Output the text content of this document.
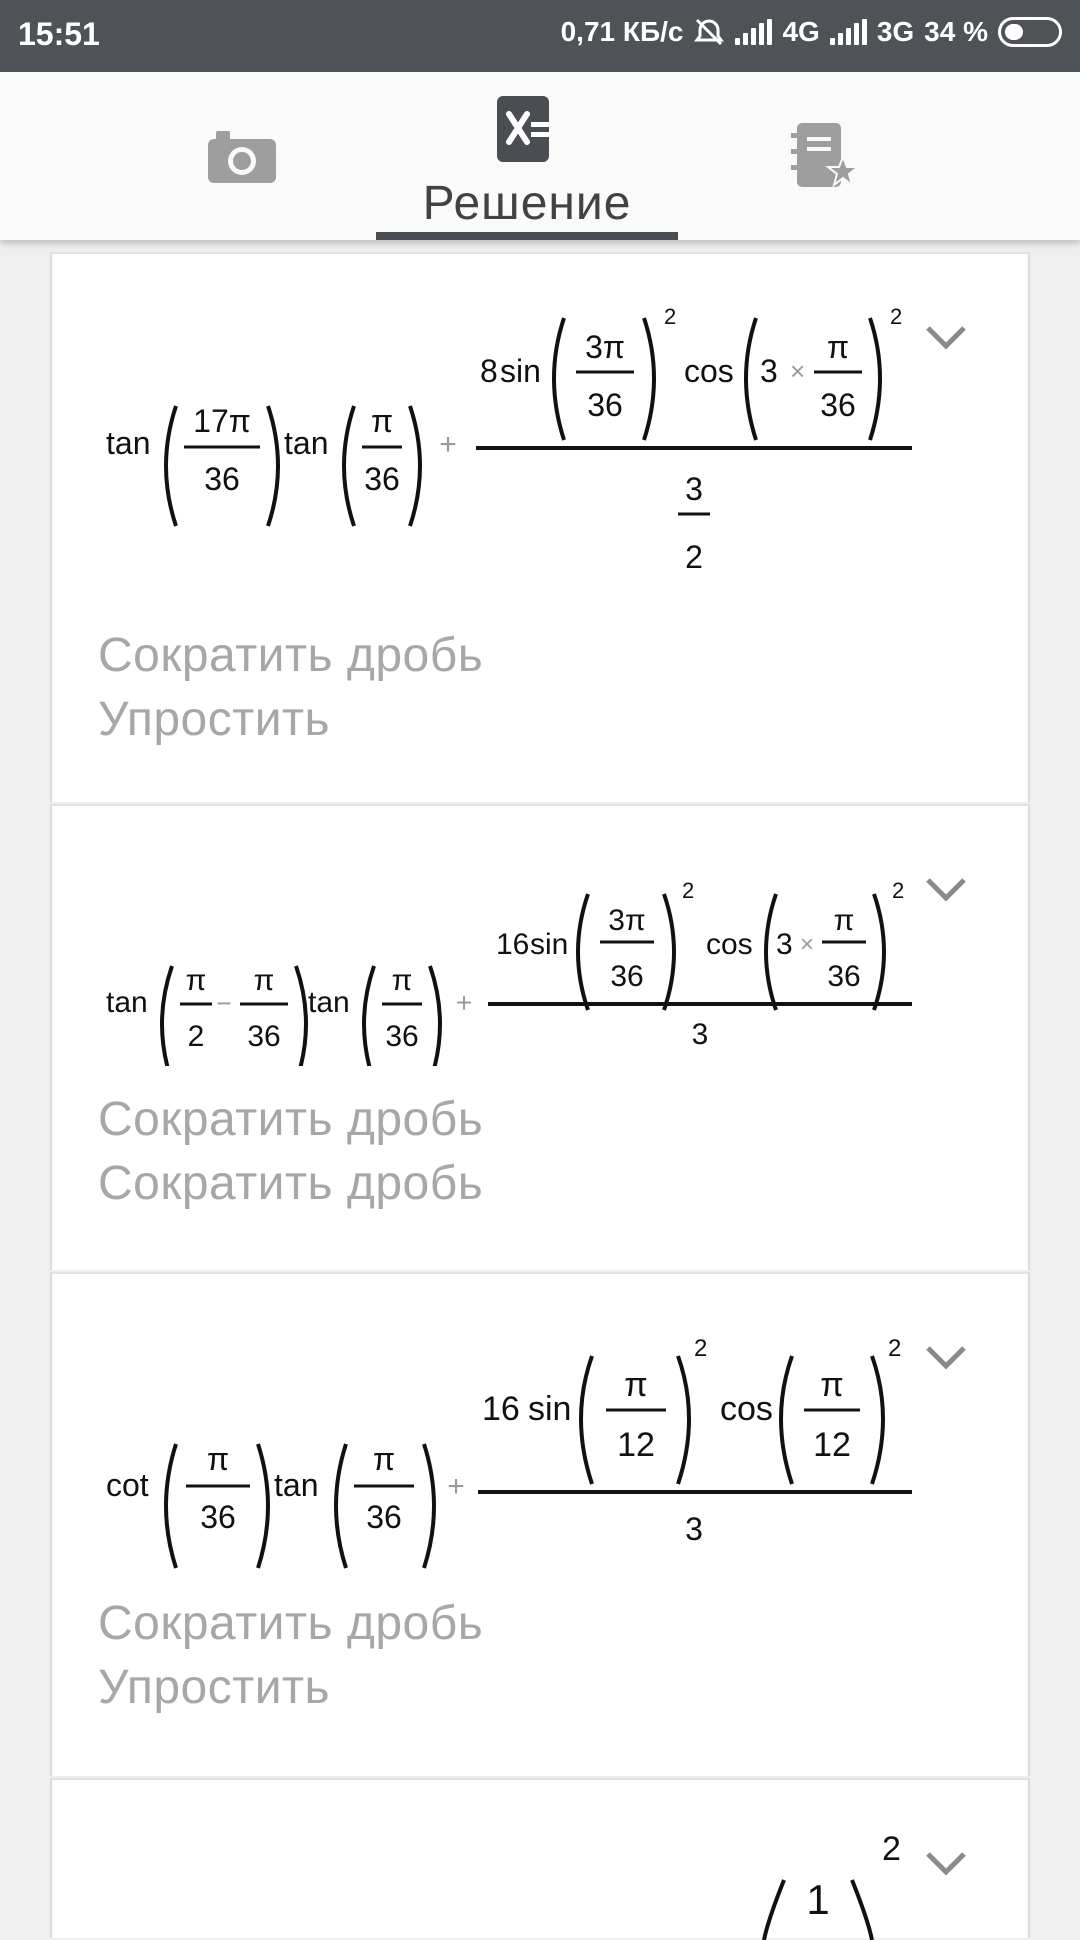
15:51	0,71 КБ/с	4G 3G 34 %
Решение
tan
17π
36
tan
π
36
+
8 sin
3π
36
2
cos 3 ×
π
36
2
3
2
Сократить дробь
Упростить
tan
π
2
−
π
36
tan
π
36
+
16 sin
3π
36
2
cos 3 ×
π
36
2
3
Сократить дробь
Сократить дробь
cot
π
36
tan
π
36
+
16 sin
π
12
2
cos
π
12
2
3
Сократить дробь
Упростить
1
2
